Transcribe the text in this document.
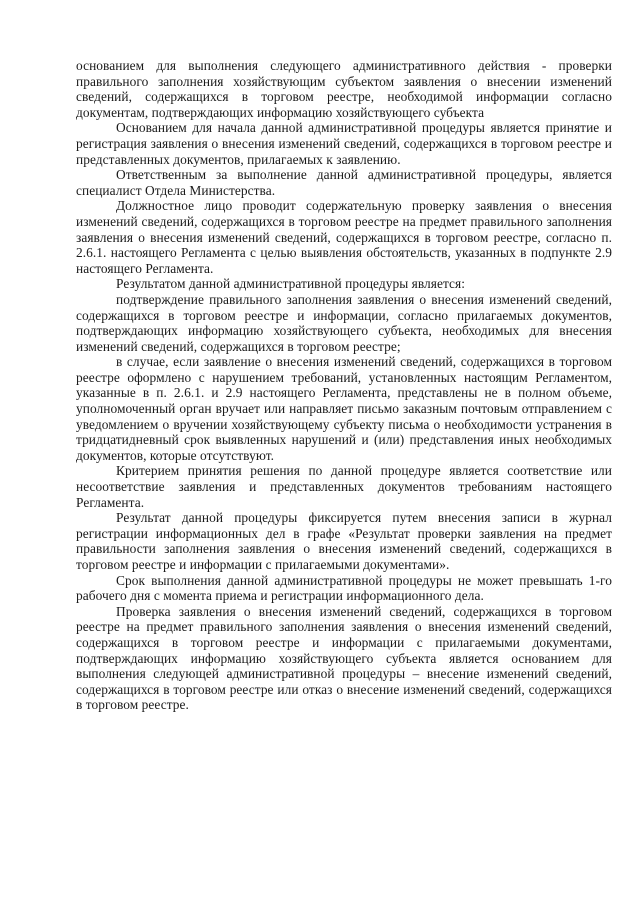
основанием для выполнения следующего административного действия - проверки правильного заполнения хозяйствующим субъектом заявления о внесении изменений сведений, содержащихся в торговом реестре, необходимой информации согласно документам, подтверждающих информацию хозяйствующего субъекта

Основанием для начала данной административной процедуры является принятие и регистрация заявления о внесения изменений сведений, содержащихся в торговом реестре и представленных документов, прилагаемых к заявлению.

Ответственным за выполнение данной административной процедуры, является специалист Отдела Министерства.

Должностное лицо проводит содержательную проверку заявления о внесения изменений сведений, содержащихся в торговом реестре на предмет правильного заполнения заявления о внесения изменений сведений, содержащихся в торговом реестре, согласно п. 2.6.1. настоящего Регламента с целью выявления обстоятельств, указанных в подпункте 2.9 настоящего Регламента.

Результатом данной административной процедуры является:

подтверждение правильного заполнения заявления о внесения изменений сведений, содержащихся в торговом реестре и информации, согласно прилагаемых документов, подтверждающих информацию хозяйствующего субъекта, необходимых для внесения изменений сведений, содержащихся в торговом реестре;

в случае, если заявление о внесения изменений сведений, содержащихся в торговом реестре оформлено с нарушением требований, установленных настоящим Регламентом, указанные в п. 2.6.1. и 2.9 настоящего Регламента, представлены не в полном объеме, уполномоченный орган вручает или направляет письмо заказным почтовым отправлением с уведомлением о вручении хозяйствующему субъекту письма о необходимости устранения в тридцатидневный срок выявленных нарушений и (или) представления иных необходимых документов, которые отсутствуют.

Критерием принятия решения по данной процедуре является соответствие или несоответствие заявления и представленных документов требованиям настоящего Регламента.

Результат данной процедуры фиксируется путем внесения записи в журнал регистрации информационных дел в графе «Результат проверки заявления на предмет правильности заполнения заявления о внесения изменений сведений, содержащихся в торговом реестре и информации с прилагаемыми документами».

Срок выполнения данной административной процедуры не может превышать 1-го рабочего дня с момента приема и регистрации информационного дела.

Проверка заявления о внесения изменений сведений, содержащихся в торговом реестре на предмет правильного заполнения заявления о внесения изменений сведений, содержащихся в торговом реестре и информации с прилагаемыми документами, подтверждающих информацию хозяйствующего субъекта является основанием для выполнения следующей административной процедуры – внесение изменений сведений, содержащихся в торговом реестре или отказ о внесение изменений сведений, содержащихся в торговом реестре.
